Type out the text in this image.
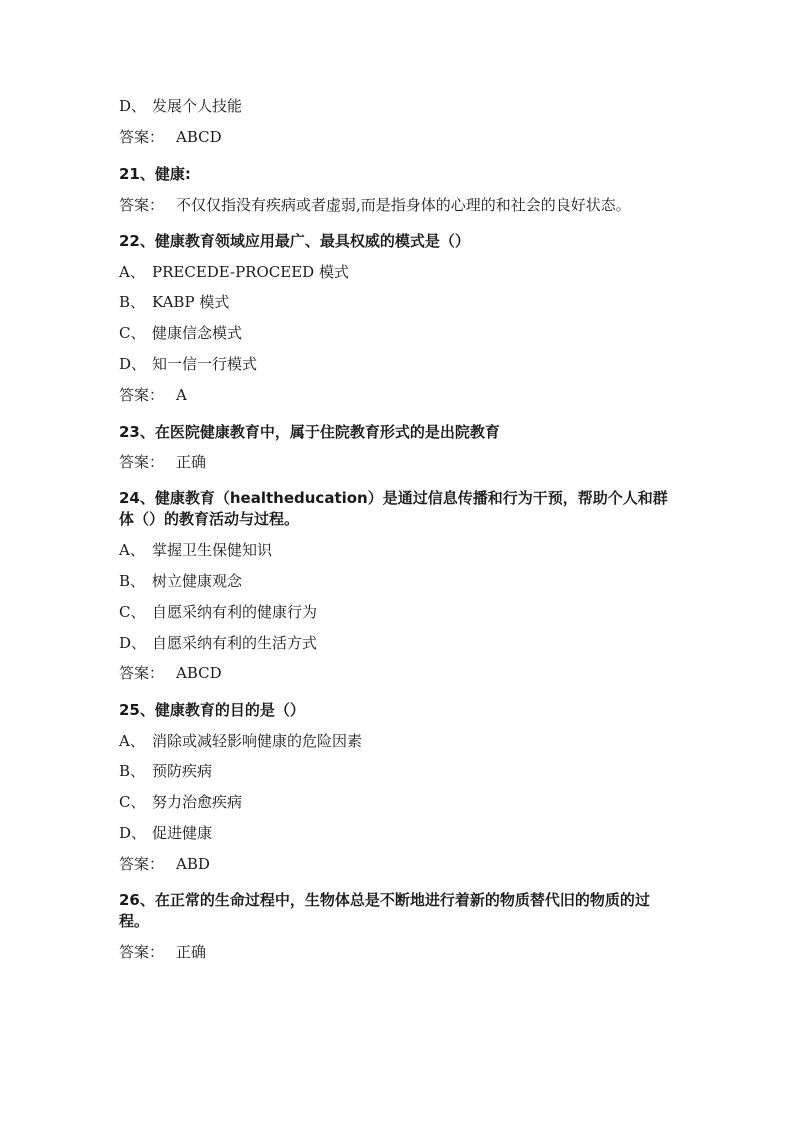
D、 发展个人技能
答案： ABCD
21、健康:
答案： 不仅仅指没有疾病或者虚弱,而是指身体的心理的和社会的良好状态。
22、健康教育领域应用最广、最具权威的模式是（）
A、 PRECEDE-PROCEED 模式
B、 KABP 模式
C、 健康信念模式
D、 知一信一行模式
答案： A
23、在医院健康教育中，属于住院教育形式的是出院教育
答案： 正确
24、健康教育（healtheducation）是通过信息传播和行为干预，帮助个人和群体（）的教育活动与过程。
A、 掌握卫生保健知识
B、 树立健康观念
C、 自愿采纳有利的健康行为
D、 自愿采纳有利的生活方式
答案： ABCD
25、健康教育的目的是（）
A、 消除或减轻影响健康的危险因素
B、 预防疾病
C、 努力治愈疾病
D、 促进健康
答案： ABD
26、在正常的生命过程中，生物体总是不断地进行着新的物质替代旧的物质的过程。
答案： 正确
